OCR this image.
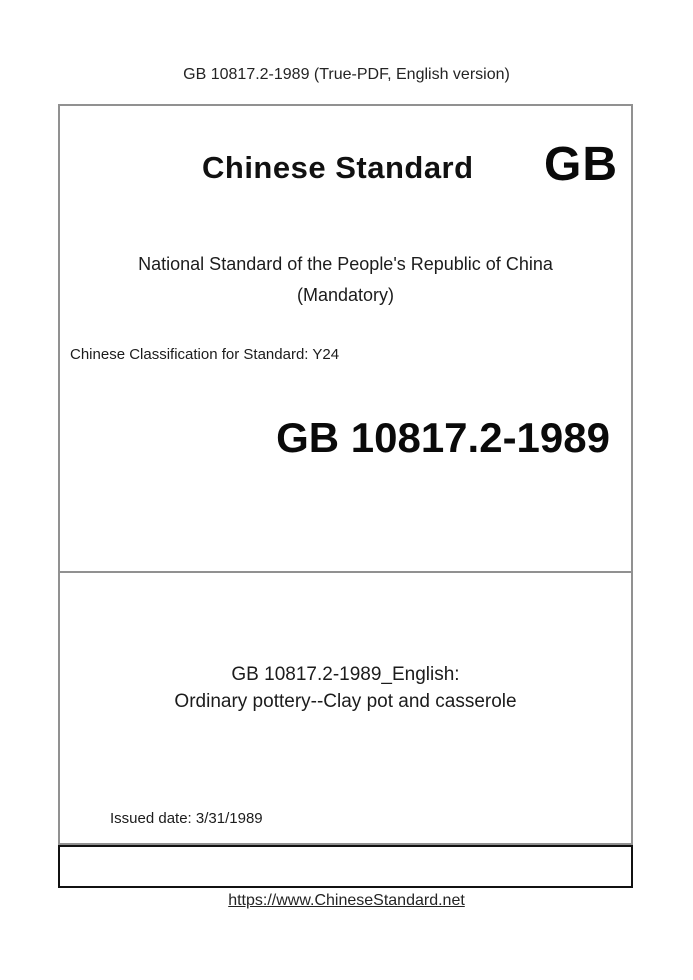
GB 10817.2-1989 (True-PDF, English version)
Chinese Standard GB
National Standard of the People's Republic of China
(Mandatory)
Chinese Classification for Standard: Y24
GB 10817.2-1989
GB 10817.2-1989_English:
Ordinary pottery--Clay pot and casserole
Issued date: 3/31/1989
https://www.ChineseStandard.net
